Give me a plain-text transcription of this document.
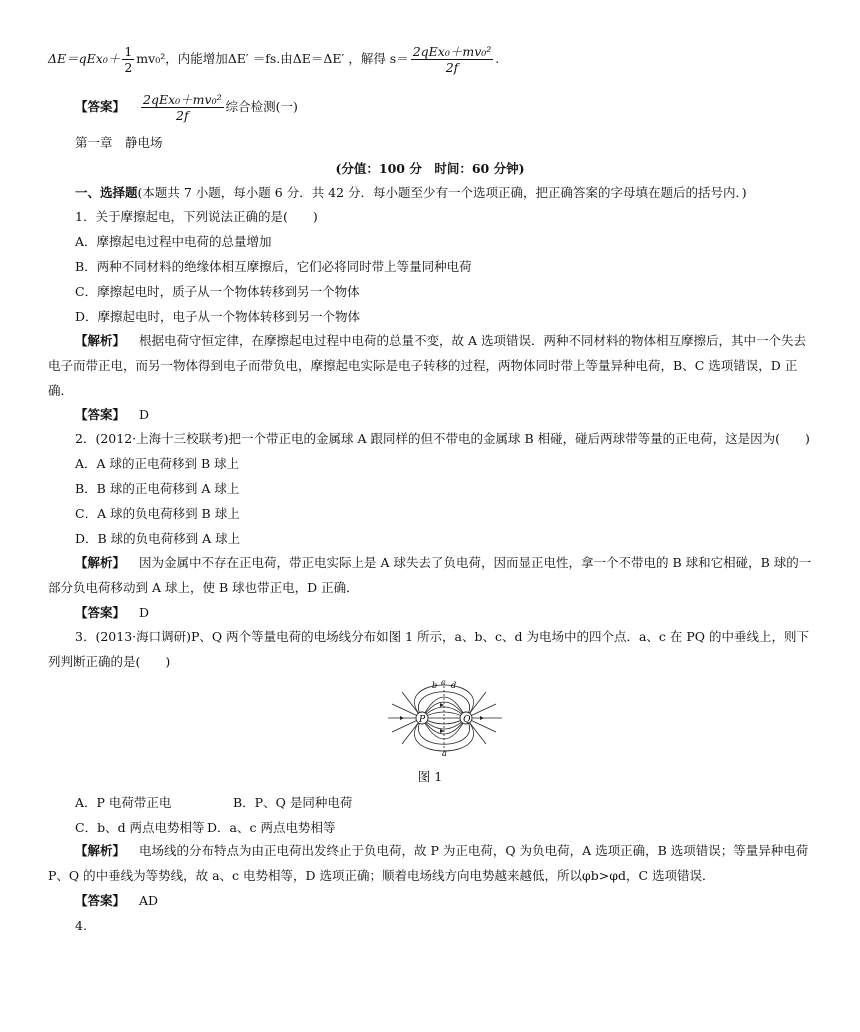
$\Delta E=qEx_0+ \frac{1}{2} mv_0^2$，内能增加ΔE′ ＝fs.由ΔE＝ΔE′ ，解得 $s= \frac{\text{2qEx₀＋mv₀²}}{2f}$ .
【答案】 $\frac{\text{2qEx₀＋mv₀²}}{2f}$ 综合检测(一)
第一章　静电场
(分值：100 分　时间：60 分钟)
一、选择题(本题共 7 小题，每小题 6 分．共 42 分．每小题至少有一个选项正确，把正确答案的字母填在题后的括号内．)
1．关于摩擦起电，下列说法正确的是(　　)
A．摩擦起电过程中电荷的总量增加
B．两种不同材料的绝缘体相互摩擦后，它们必将同时带上等量同种电荷
C．摩擦起电时，质子从一个物体转移到另一个物体
D．摩擦起电时，电子从一个物体转移到另一个物体
【解析】 根据电荷守恒定律，在摩擦起电过程中电荷的总量不变，故 A 选项错误．两种不同材料的物体相互摩擦后，其中一个失去电子而带正电，而另一物体得到电子而带负电，摩擦起电实际是电子转移的过程，两物体同时带上等量异种电荷，B、C 选项错误，D 正确．
【答案】 D
2．(2012·上海十三校联考)把一个带正电的金属球 A 跟同样的但不带电的金属球 B 相碰，碰后两球带等量的正电荷，这是因为(　　)
A．A 球的正电荷移到 B 球上
B．B 球的正电荷移到 A 球上
C．A 球的负电荷移到 B 球上
D．B 球的负电荷移到 A 球上
【解析】 因为金属中不存在正电荷，带正电实际上是 A 球失去了负电荷，因而显正电性，拿一个不带电的 B 球和它相碰，B 球的一部分负电荷移动到 A 球上，使 B 球也带正电，D 正确．
【答案】 D
3．(2013·海口调研)P、Q 两个等量电荷的电场线分布如图 1 所示，a、b、c、d 为电场中的四个点．a、c 在 PQ 的中垂线上，则下列判断正确的是(　　)
P	Q
a
b c d
图 1
A．P 电荷带正电	B．P、Q 是同种电荷
C．b、d 两点电势相等 D．a、c 两点电势相等
【解析】 电场线的分布特点为由正电荷出发终止于负电荷，故 P 为正电荷，Q 为负电荷，A 选项正确，B 选项错误；等量异种电荷 P、Q 的中垂线为等势线，故 a、c 电势相等，D 选项正确；顺着电场线方向电势越来越低，所以φb>φd，C 选项错误．
【答案】 AD
4.
